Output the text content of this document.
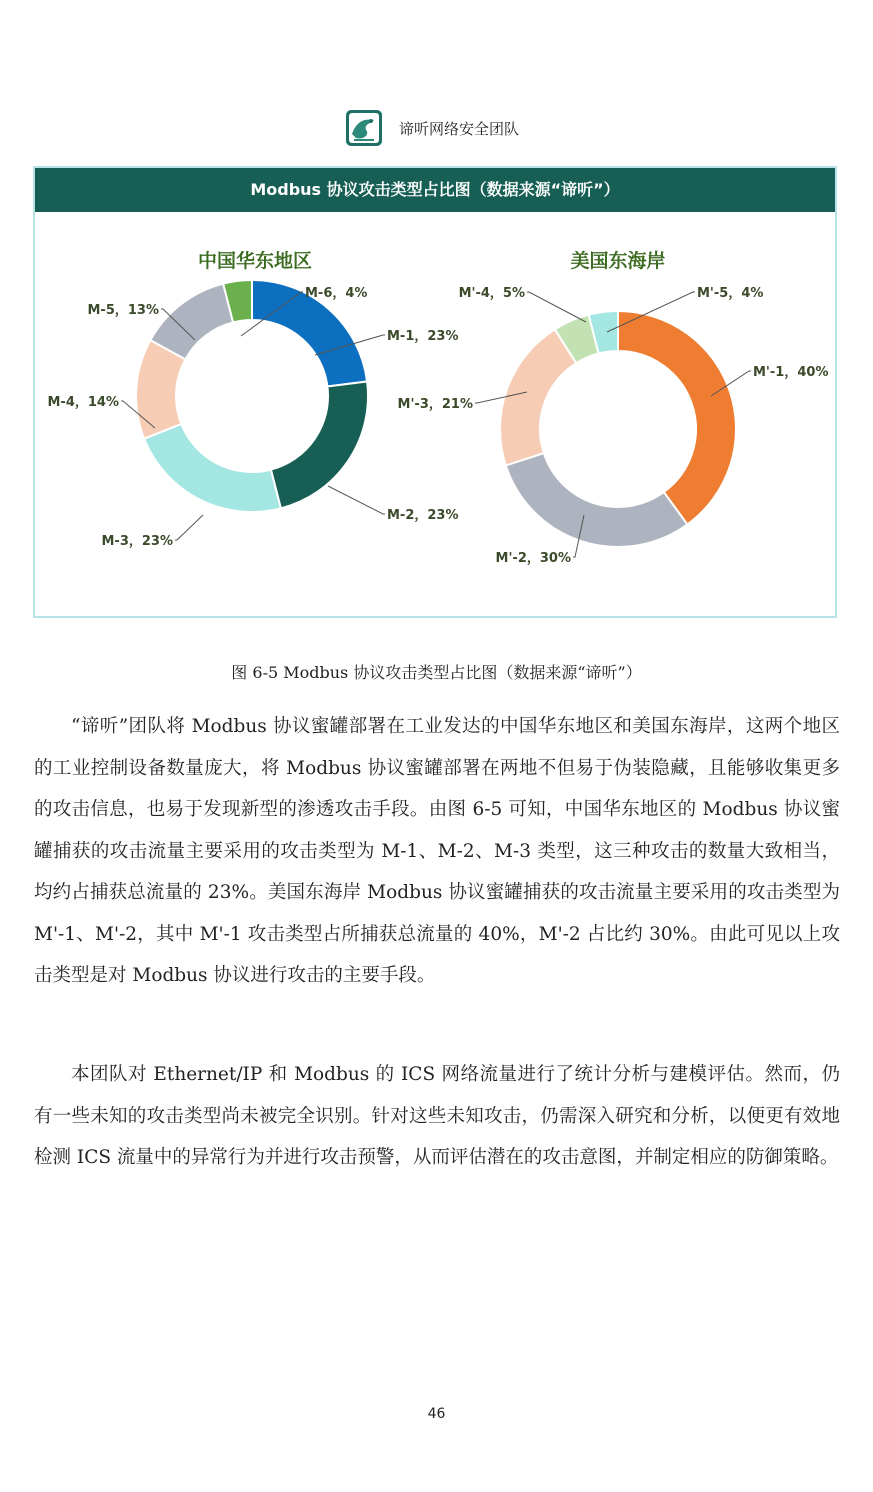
谛听网络安全团队
Modbus 协议攻击类型占比图（数据来源“谛听”）
中国华东地区
M-1，23%
M-2，23%
M-3，23%
M-4，14%
M-5，13%
M-6，4%
美国东海岸
M'-1，40%
M'-2，30%
M'-3，21%
M'-4，5%	M'-5，4%
图 6-5 Modbus 协议攻击类型占比图（数据来源“谛听”）

“谛听”团队将 Modbus 协议蜜罐部署在工业发达的中国华东地区和美国东海岸，这两个地区的工业控制设备数量庞大，将 Modbus 协议蜜罐部署在两地不但易于伪装隐藏，且能够收集更多的攻击信息，也易于发现新型的渗透攻击手段。由图 6-5 可知，中国华东地区的 Modbus 协议蜜罐捕获的攻击流量主要采用的攻击类型为 M-1、M-2、M-3 类型，这三种攻击的数量大致相当，均约占捕获总流量的 23%。美国东海岸 Modbus 协议蜜罐捕获的攻击流量主要采用的攻击类型为 M'-1、M'-2，其中 M'-1 攻击类型占所捕获总流量的 40%，M'-2 占比约 30%。由此可见以上攻击类型是对 Modbus 协议进行攻击的主要手段。

本团队对 Ethernet/IP 和 Modbus 的 ICS 网络流量进行了统计分析与建模评估。然而，仍有一些未知的攻击类型尚未被完全识别。针对这些未知攻击，仍需深入研究和分析，以便更有效地检测 ICS 流量中的异常行为并进行攻击预警，从而评估潜在的攻击意图，并制定相应的防御策略。

46
